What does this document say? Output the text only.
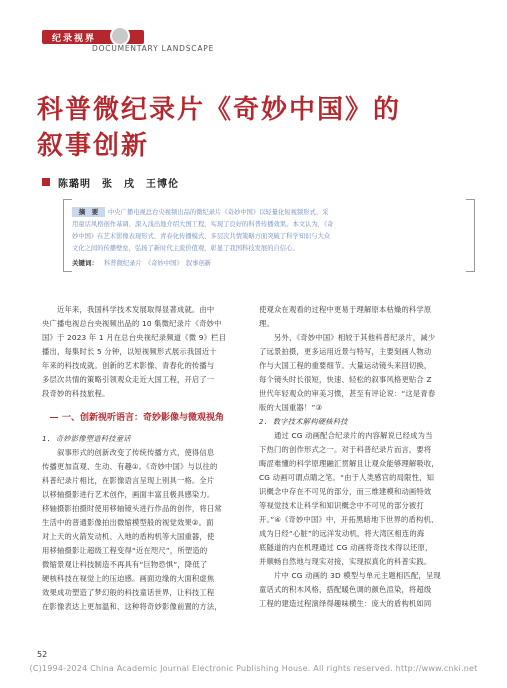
纪录视界
DOCUMENTARY LANDSCAPE
科普微纪录片《奇妙中国》的
叙事创新
陈璐明　张　戌　王博伦
摘　要	中央广播电视总台央视频出品的微纪录片《奇妙中国》以轻量化短视频形式、采
用童话风格创作基调、深入浅出地介绍大国工程，实现了良好的科普传播效果。本文认为，《奇
妙中国》在艺术影像表现形式、青春化传播模式、多层次共情策略方面突破了科学知识与大众
文化之间的传播壁垒，弘扬了新时代主流价值观，彰显了我国科技发展的自信心。
关键词： 科普微纪录片　《奇妙中国》　叙事创新
　　近年来，我国科学技术发展取得显著成就。由中
央广播电视总台央视频出品的 10 集微纪录片《奇妙中
国》于 2023 年 1 月在总台央视纪录频道《微 9》栏目
播出，每集时长 5 分钟，以短视频形式展示我国近十
年来的科技成就。创新的艺术影像、青春化的传播与
多层次共情的策略引领观众走近大国工程，开启了一
段奇妙的科技旅程。
一、创新视听语言：奇妙影像与微观视角
1. 奇妙影像塑造科技童话
　　叙事形式的创新改变了传统传播方式，使得信息
传播更加直观、生动、有趣①。《奇妙中国》与以往的
科普纪录片相比，在影像语言呈现上别具一格。全片
以移轴摄影进行艺术创作，画面丰富且极具感染力。
移轴摄影拍摄时使用移轴镜头进行作品的创作，将日常
生活中的普通影像拍出微缩模型般的视觉效果②。面
对上天的火箭发动机、入地的盾构机等大国重器，使
用移轴摄影让超级工程变得“近在咫尺”，所塑造的
微缩景观让科技制造不再具有“巨物恐惧”，降低了
硬核科技在视觉上的压迫感。画面边缘的大面积虚焦
效果成功塑造了梦幻般的科技童话世界，让科技工程
在影像表达上更加温和、这种将奇妙影像前置的方法，
使观众在观看的过程中更易于理解原本枯燥的科学原
理。
　　另外，《奇妙中国》相较于其他科普纪录片，减少
了远景拍摄，更多运用近景与特写，主要刻画人物动
作与大国工程的重要细节。大量运动镜头来回切换，
每个镜头时长很短，快速、轻松的叙事风格更贴合 Z
世代年轻观众的审美习惯，甚至有评论说：“这是青春
版的大国重器！”③
2. 数字技术解构硬核科技
　　通过 CG 动画配合纪录片的内容解说已经成为当
下热门的创作形式之一。对于科普纪录片而言，要将
晦涩难懂的科学原理融汇贯解且让观众能够理解吸收，
CG 动画可谓点睛之笔。“由于人类感官的局限性，知
识概念中存在不可见的部分，而三维建模和动画特效
等视觉技术让科学和知识概念中不可见的部分被打
开。”④《奇妙中国》中，开拓黑暗地下世界的盾构机、
成为日经“心脏”的远洋发动机，将大湾区相连的海
底隧道的内在机理通过 CG 动画将奇技术得以还原，
并顺畅自然地与现实对接，实现拟真化的科普实践。
　　片中 CG 动画的 3D 模型与单元主题相匹配，呈现
童话式的积木风格，搭配暖色调的颜色渲染，将超级
工程的建造过程演绎得趣味横生：庞大的盾构机如同
52
(C)1994-2024 China Academic Journal Electronic Publishing House. All rights reserved. http://www.cnki.net
